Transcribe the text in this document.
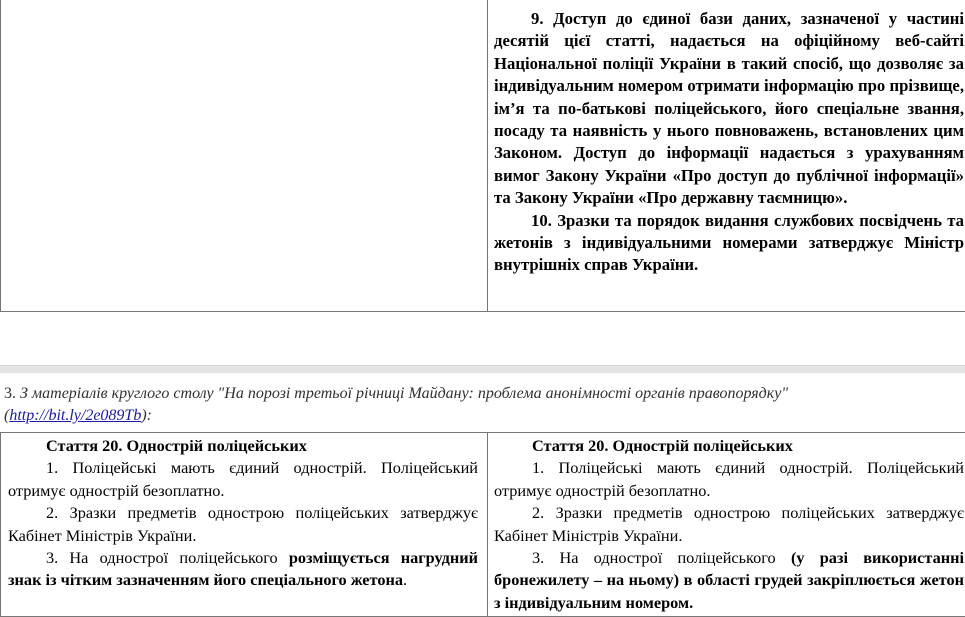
9. Доступ до єдиної бази даних, зазначеної у частині десятій цієї статті, надається на офіційному веб-сайті Національної поліції України в такий спосіб, що дозволяє за індивідуальним номером отримати інформацію про прізвище, ім’я та по-батькові поліцейського, його спеціальне звання, посаду та наявність у нього повноважень, встановлених цим Законом. Доступ до інформації надається з урахуванням вимог Закону України «Про доступ до публічної інформації» та Закону України «Про державну таємницю».

10. Зразки та порядок видання службових посвідчень та жетонів з індивідуальними номерами затверджує Міністр внутрішніх справ України.

3. З матеріалів круглого столу "На порозі третьої річниці Майдану: проблема анонімності органів правопорядку"
(http://bit.ly/2e089Tb):

Стаття 20. Однострій поліцейських

1. Поліцейські мають єдиний однострій. Поліцейський отримує однострій безоплатно.

2. Зразки предметів однострою поліцейських затверджує Кабінет Міністрів України.

3. На однострої поліцейського розміщується нагрудний знак із чітким зазначенням його спеціального жетона.

Стаття 20. Однострій поліцейських

1. Поліцейські мають єдиний однострій. Поліцейський отримує однострій безоплатно.

2. Зразки предметів однострою поліцейських затверджує Кабінет Міністрів України.

3. На однострої поліцейського (у разі використанні бронежилету – на ньому) в області грудей закріплюється жетон з індивідуальним номером.
